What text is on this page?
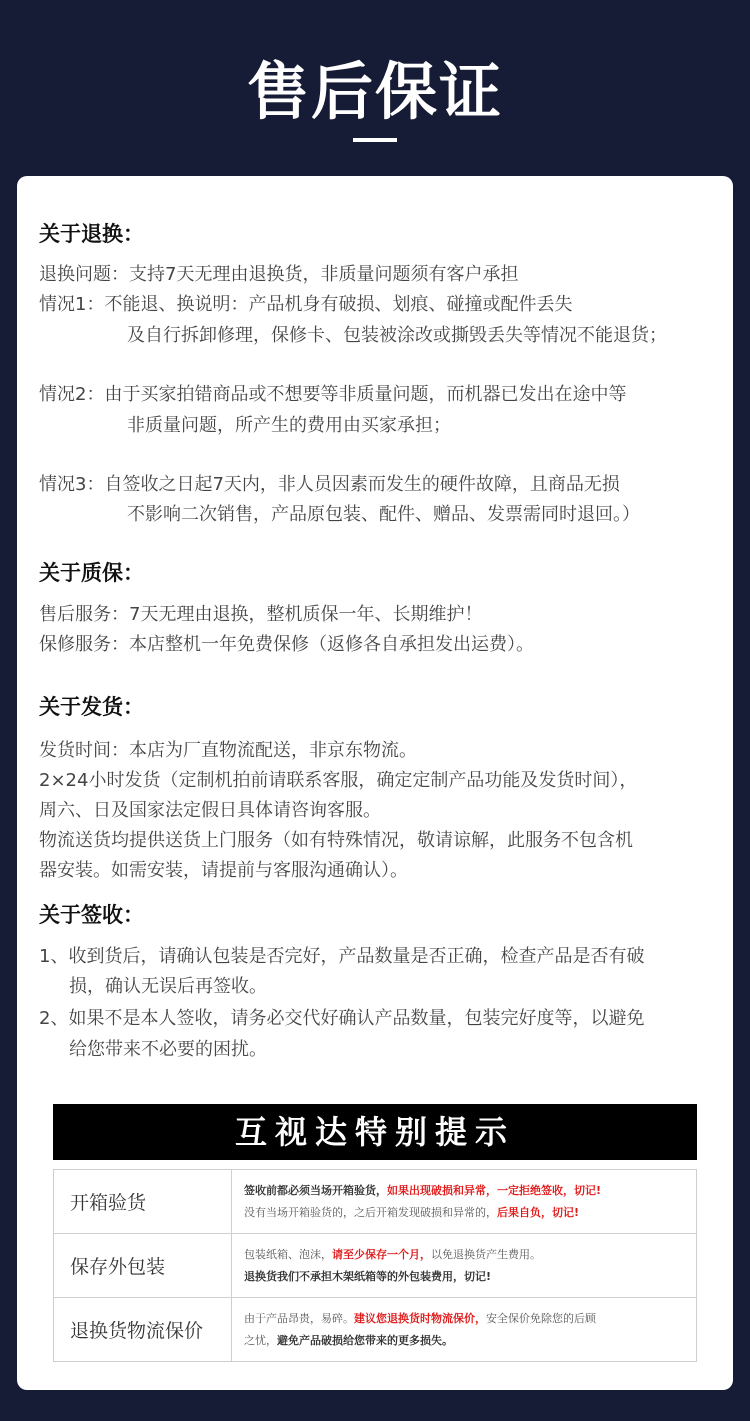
售后保证
关于退换：
退换问题：支持7天无理由退换货，非质量问题须有客户承担
情况1：不能退、换说明：产品机身有破损、划痕、碰撞或配件丢失
及自行拆卸修理，保修卡、包装被涂改或撕毁丢失等情况不能退货；
情况2：由于买家拍错商品或不想要等非质量问题，而机器已发出在途中等
非质量问题，所产生的费用由买家承担；
情况3：自签收之日起7天内，非人员因素而发生的硬件故障，且商品无损
不影响二次销售，产品原包装、配件、赠品、发票需同时退回。）
关于质保：
售后服务：7天无理由退换，整机质保一年、长期维护！
保修服务：本店整机一年免费保修（返修各自承担发出运费）。
关于发货：
发货时间：本店为厂直物流配送，非京东物流。
2×24小时发货（定制机拍前请联系客服，确定定制产品功能及发货时间），
周六、日及国家法定假日具体请咨询客服。
物流送货均提供送货上门服务（如有特殊情况，敬请谅解，此服务不包含机
器安装。如需安装，请提前与客服沟通确认）。
关于签收：
1、收到货后，请确认包装是否完好，产品数量是否正确，检查产品是否有破
损，确认无误后再签收。
2、如果不是本人签收，请务必交代好确认产品数量，包装完好度等，以避免
给您带来不必要的困扰。
互视达特别提示
开箱验货	签收前都必须当场开箱验货，如果出现破损和异常，一定拒绝签收，切记!
没有当场开箱验货的，之后开箱发现破损和异常的，后果自负，切记!

保存外包装	包装纸箱、泡沫，请至少保存一个月，以免退换货产生费用。
退换货我们不承担木架纸箱等的外包装费用，切记!

退换货物流保价	由于产品昂贵，易碎。建议您退换货时物流保价，安全保价免除您的后顾
之忧，避免产品破损给您带来的更多损失。
